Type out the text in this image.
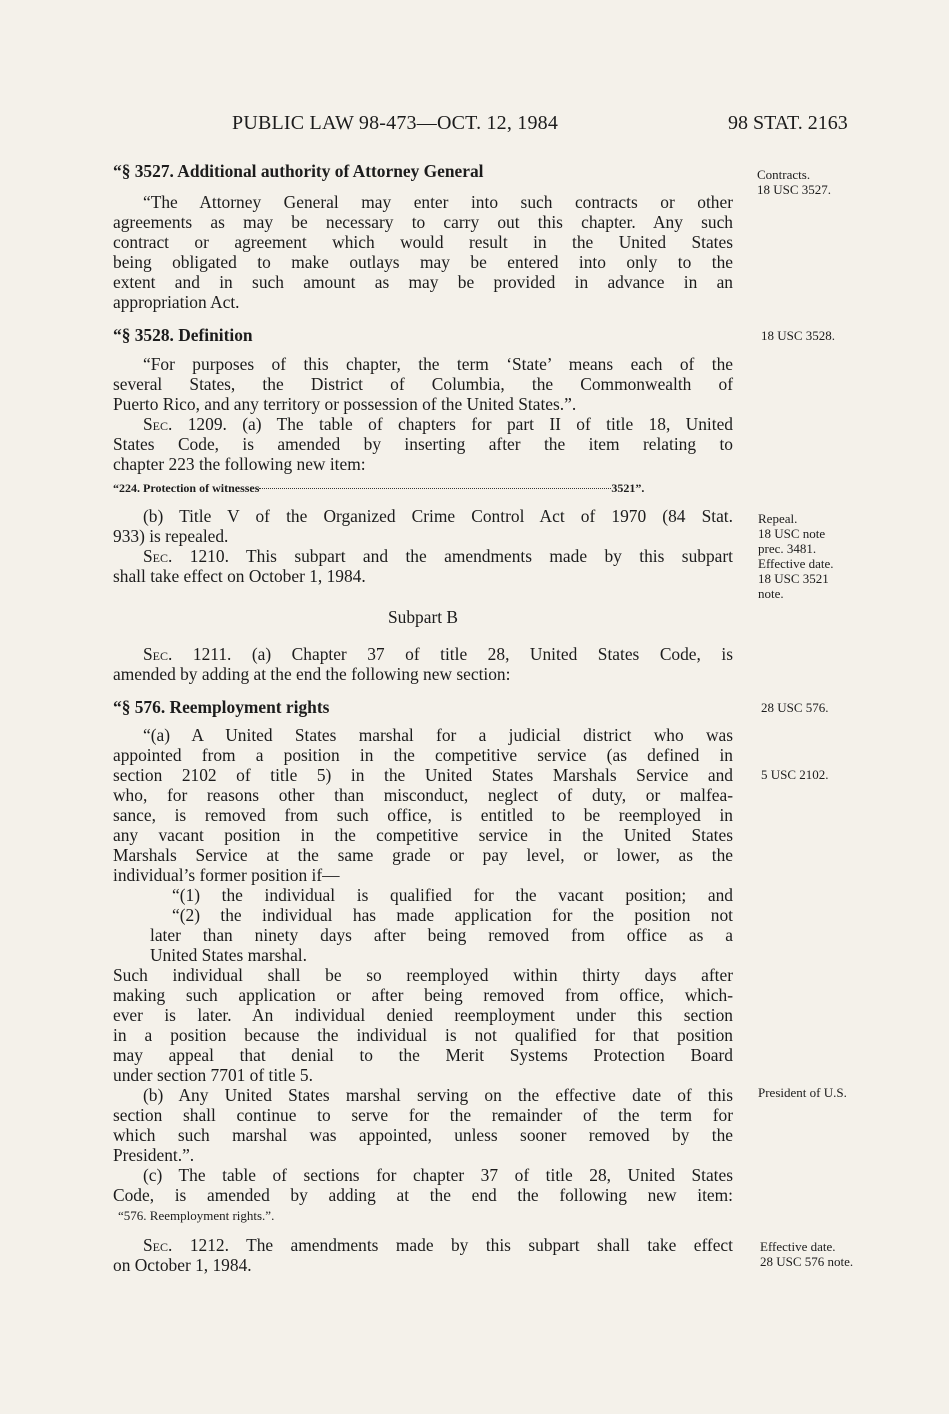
PUBLIC LAW 98-473—OCT. 12, 1984	98 STAT. 2163
“§ 3527. Additional authority of Attorney General
“The Attorney General may enter into such contracts or other
agreements as may be necessary to carry out this chapter. Any such
contract or agreement which would result in the United States
being obligated to make outlays may be entered into only to the
extent and in such amount as may be provided in advance in an
appropriation Act.
“§ 3528. Definition
“For purposes of this chapter, the term ‘State’ means each of the
several States, the District of Columbia, the Commonwealth of
Puerto Rico, and any territory or possession of the United States.”.
Sec. 1209. (a) The table of chapters for part II of title 18, United
States Code, is amended by inserting after the item relating to
chapter 223 the following new item:
“224. Protection of witnesses	3521”.
(b) Title V of the Organized Crime Control Act of 1970 (84 Stat.
933) is repealed.
Sec. 1210. This subpart and the amendments made by this subpart
shall take effect on October 1, 1984.
Subpart B
Sec. 1211. (a) Chapter 37 of title 28, United States Code, is
amended by adding at the end the following new section:
“§ 576. Reemployment rights
“(a) A United States marshal for a judicial district who was
appointed from a position in the competitive service (as defined in
section 2102 of title 5) in the United States Marshals Service and
who, for reasons other than misconduct, neglect of duty, or malfea-
sance, is removed from such office, is entitled to be reemployed in
any vacant position in the competitive service in the United States
Marshals Service at the same grade or pay level, or lower, as the
individual’s former position if—
“(1) the individual is qualified for the vacant position; and
“(2) the individual has made application for the position not
later than ninety days after being removed from office as a
United States marshal.
Such individual shall be so reemployed within thirty days after
making such application or after being removed from office, which-
ever is later. An individual denied reemployment under this section
in a position because the individual is not qualified for that position
may appeal that denial to the Merit Systems Protection Board
under section 7701 of title 5.
(b) Any United States marshal serving on the effective date of this
section shall continue to serve for the remainder of the term for
which such marshal was appointed, unless sooner removed by the
President.”.
(c) The table of sections for chapter 37 of title 28, United States
Code, is amended by adding at the end the following new item:
“576. Reemployment rights.”.
Sec. 1212. The amendments made by this subpart shall take effect
on October 1, 1984.
Contracts.
18 USC 3527.
18 USC 3528.
Repeal.
18 USC note
prec. 3481.
Effective date.
18 USC 3521
note.
28 USC 576.
5 USC 2102.
President of U.S.
Effective date.
28 USC 576 note.
